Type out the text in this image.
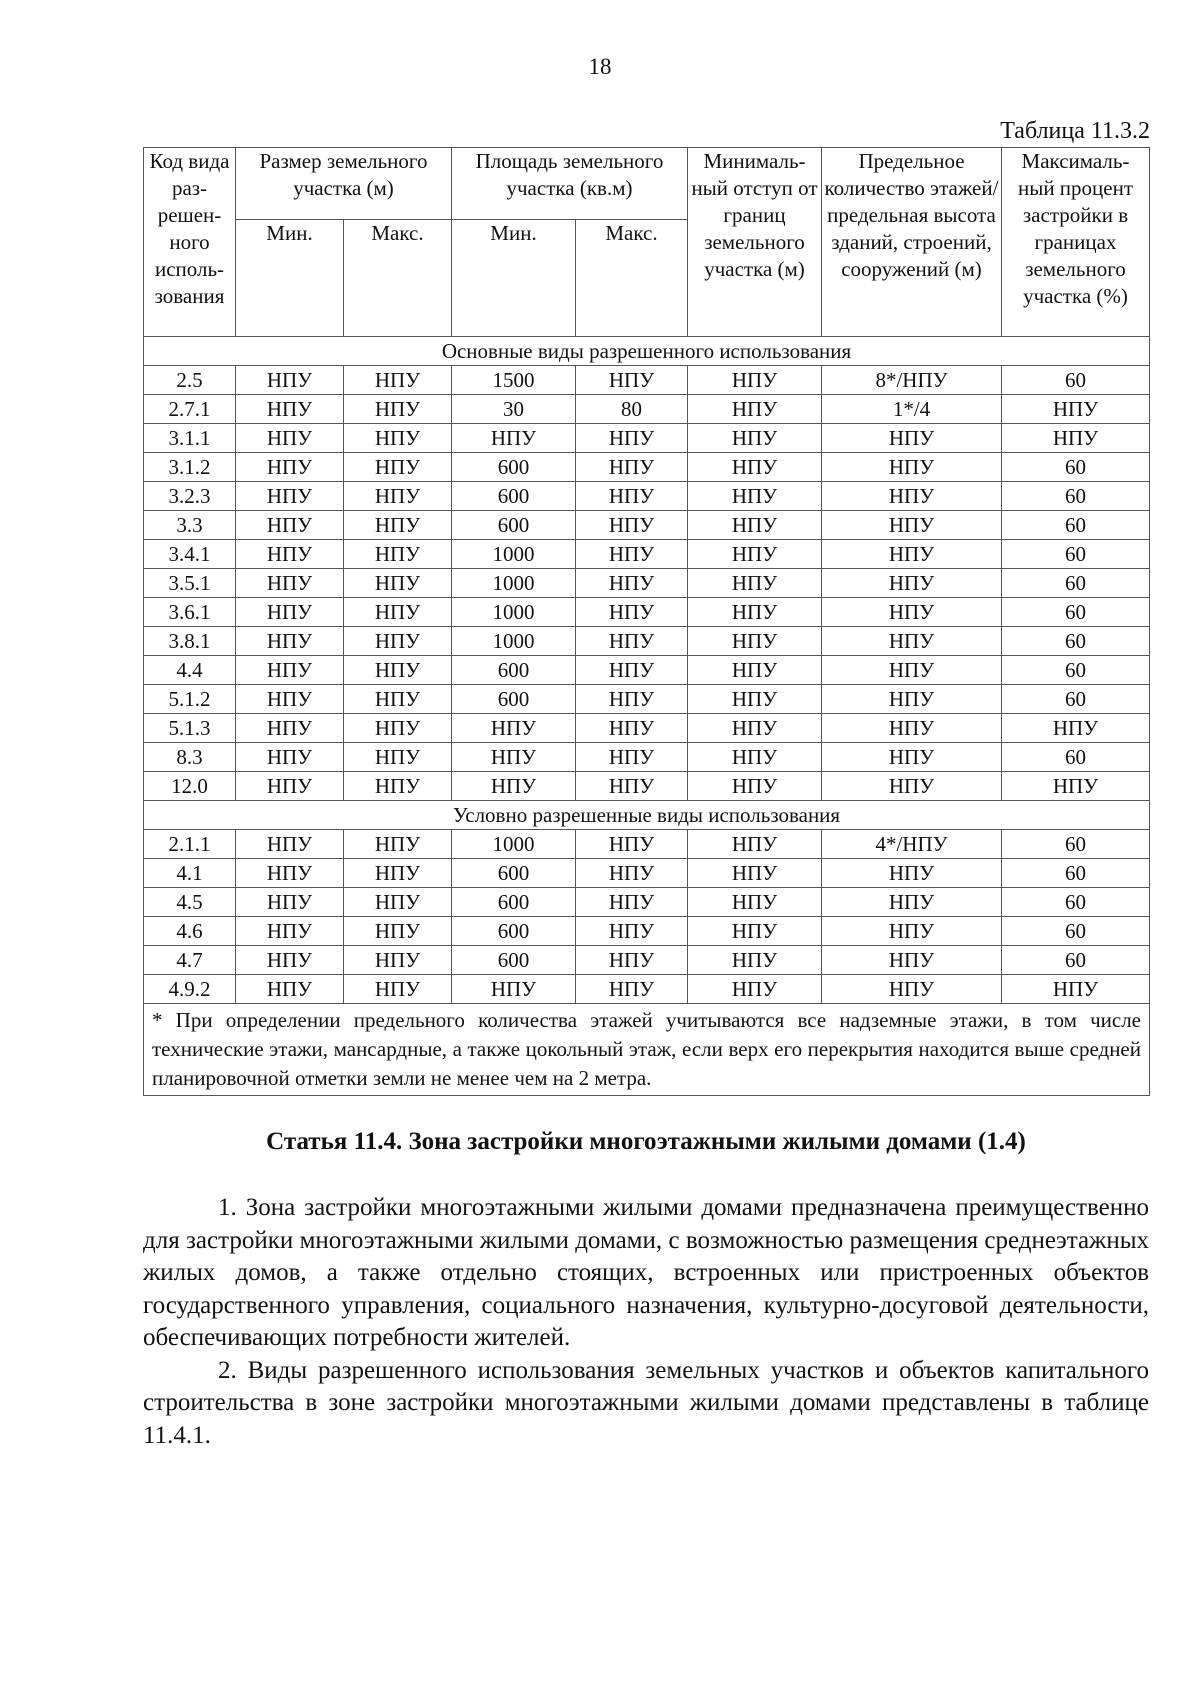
18
Таблица 11.3.2
Код вида раз-решен-ного исполь-зования	Размер земельного участка (м)		Площадь земельного участка (кв.м)		Минималь-ный отступ от границ земельного участка (м)	Предельное количество этажей/ предельная высота зданий, строений, сооружений (м)	Максималь-ный процент застройки в границах земельного участка (%)
	Мин.	Макс.	Мин.	Макс.			
Основные виды разрешенного использования							
2.5	НПУ	НПУ	1500	НПУ	НПУ	8*/НПУ	60
2.7.1	НПУ	НПУ	30	80	НПУ	1*/4	НПУ
3.1.1	НПУ	НПУ	НПУ	НПУ	НПУ	НПУ	НПУ
3.1.2	НПУ	НПУ	600	НПУ	НПУ	НПУ	60
3.2.3	НПУ	НПУ	600	НПУ	НПУ	НПУ	60
3.3	НПУ	НПУ	600	НПУ	НПУ	НПУ	60
3.4.1	НПУ	НПУ	1000	НПУ	НПУ	НПУ	60
3.5.1	НПУ	НПУ	1000	НПУ	НПУ	НПУ	60
3.6.1	НПУ	НПУ	1000	НПУ	НПУ	НПУ	60
3.8.1	НПУ	НПУ	1000	НПУ	НПУ	НПУ	60
4.4	НПУ	НПУ	600	НПУ	НПУ	НПУ	60
5.1.2	НПУ	НПУ	600	НПУ	НПУ	НПУ	60
5.1.3	НПУ	НПУ	НПУ	НПУ	НПУ	НПУ	НПУ
8.3	НПУ	НПУ	НПУ	НПУ	НПУ	НПУ	60
12.0	НПУ	НПУ	НПУ	НПУ	НПУ	НПУ	НПУ
Условно разрешенные виды использования							
2.1.1	НПУ	НПУ	1000	НПУ	НПУ	4*/НПУ	60
4.1	НПУ	НПУ	600	НПУ	НПУ	НПУ	60
4.5	НПУ	НПУ	600	НПУ	НПУ	НПУ	60
4.6	НПУ	НПУ	600	НПУ	НПУ	НПУ	60
4.7	НПУ	НПУ	600	НПУ	НПУ	НПУ	60
4.9.2	НПУ	НПУ	НПУ	НПУ	НПУ	НПУ	НПУ
* При определении предельного количества этажей учитываются все надземные этажи, в том числе технические этажи, мансардные, а также цокольный этаж, если верх его перекрытия находится выше средней планировочной отметки земли не менее чем на 2 метра.							
Статья 11.4. Зона застройки многоэтажными жилыми домами (1.4)

1. Зона застройки многоэтажными жилыми домами предназначена преимущественно для застройки многоэтажными жилыми домами, с возможностью размещения среднеэтажных жилых домов, а также отдельно стоящих, встроенных или пристроенных объектов государственного управления, социального назначения, культурно-досуговой деятельности, обеспечивающих потребности жителей.

2. Виды разрешенного использования земельных участков и объектов капитального строительства в зоне застройки многоэтажными жилыми домами представлены в таблице 11.4.1.
